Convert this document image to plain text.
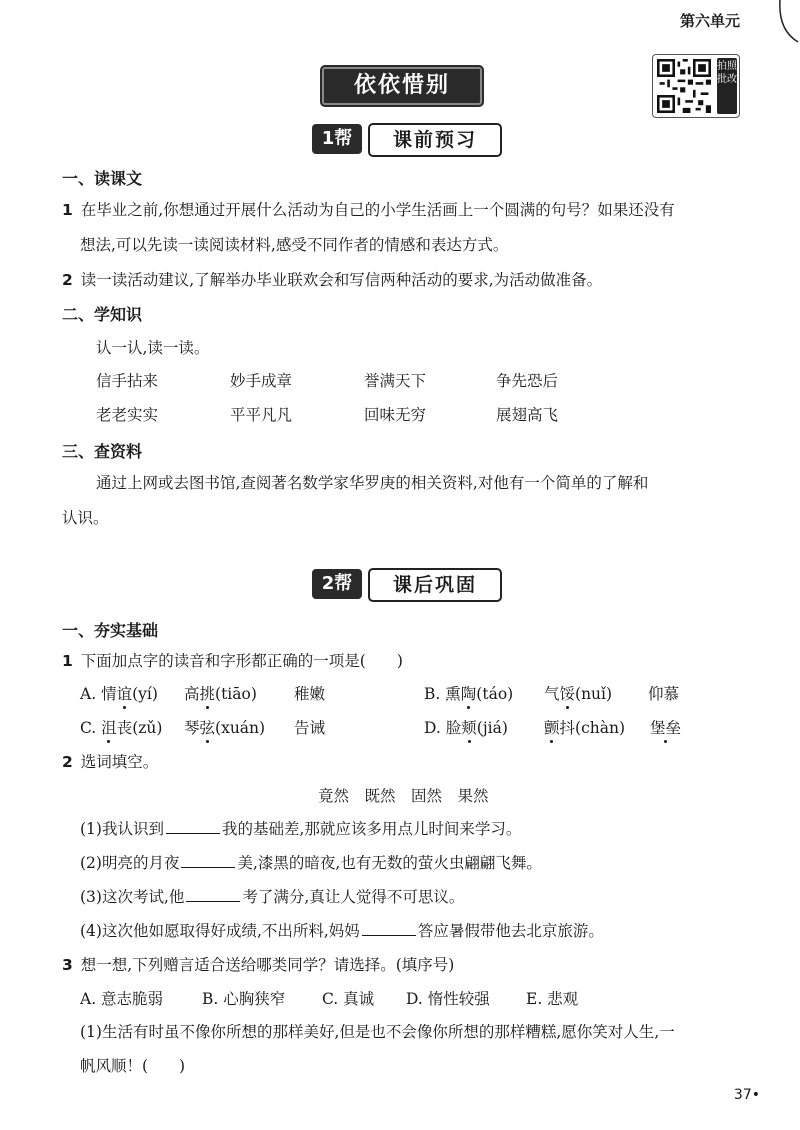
第六单元
拍照批改
依依惜别
1帮	课前预习
一、读课文
1 在毕业之前,你想通过开展什么活动为自己的小学生活画上一个圆满的句号？如果还没有
想法,可以先读一读阅读材料,感受不同作者的情感和表达方式。
2 读一读活动建议,了解举办毕业联欢会和写信两种活动的要求,为活动做准备。
二、学知识
认一认,读一读。
信手拈来	妙手成章	誉满天下	争先恐后
老老实实	平平凡凡	回味无穷	展翅高飞
三、查资料
通过上网或去图书馆,查阅著名数学家华罗庚的相关资料,对他有一个简单的了解和
认识。
2帮	课后巩固
一、夯实基础
1 下面加点字的读音和字形都正确的一项是(　　)
A. 情谊(yí) 高挑(tiāo) 稚嫩	B. 熏陶(táo) 气馁(nuǐ) 仰慕
C. 沮丧(zǔ) 琴弦(xuán) 告诫	D. 脸颊(jiá) 颤抖(chàn) 堡垒
2 选词填空。
竟然　既然　固然　果然
(1)我认识到	我的基础差,那就应该多用点儿时间来学习。
(2)明亮的月夜	美,漆黑的暗夜,也有无数的萤火虫翩翩飞舞。
(3)这次考试,他	考了满分,真让人觉得不可思议。
(4)这次他如愿取得好成绩,不出所料,妈妈	答应暑假带他去北京旅游。
3 想一想,下列赠言适合送给哪类同学？请选择。(填序号)
A. 意志脆弱	B. 心胸狭窄 C. 真诚 D. 惰性较强 E. 悲观
(1)生活有时虽不像你所想的那样美好,但是也不会像你所想的那样糟糕,愿你笑对人生,一
帆风顺！(　　)
37•
